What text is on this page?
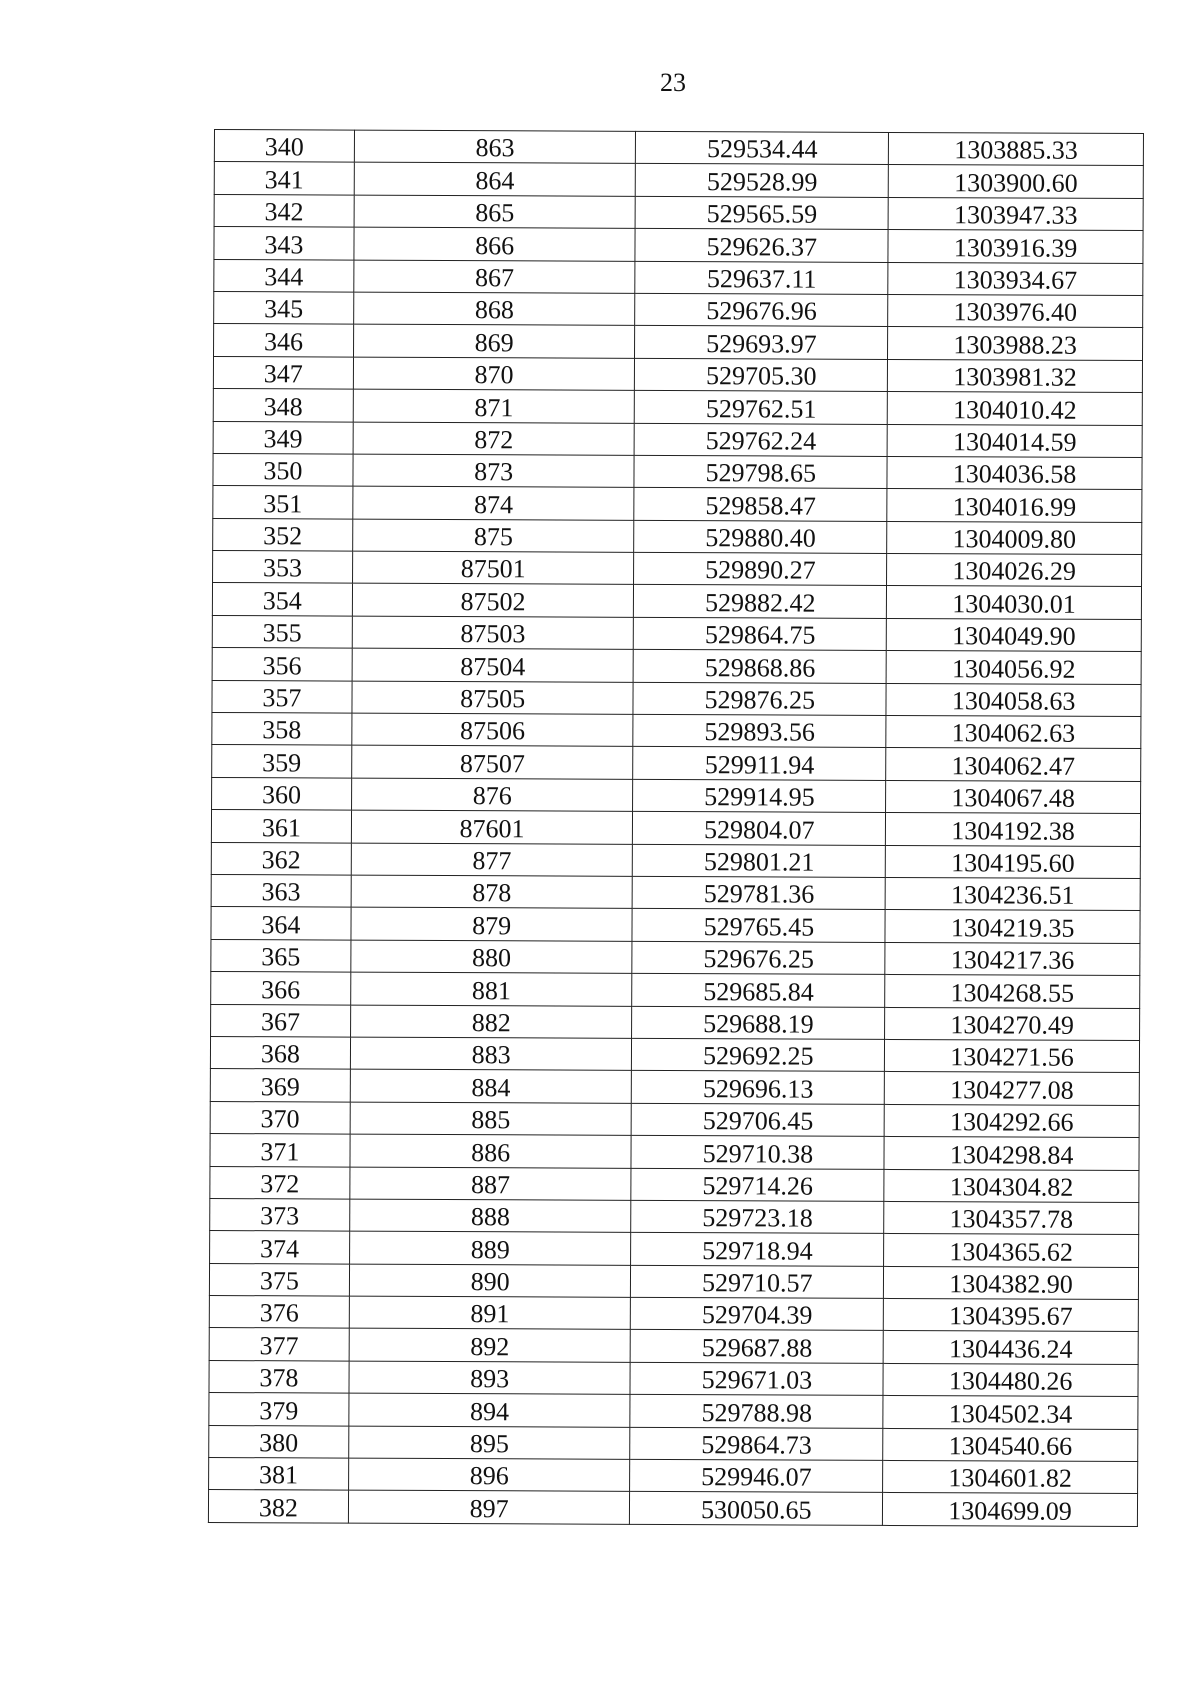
23
340	863	529534.44	1303885.33
341	864	529528.99	1303900.60
342	865	529565.59	1303947.33
343	866	529626.37	1303916.39
344	867	529637.11	1303934.67
345	868	529676.96	1303976.40
346	869	529693.97	1303988.23
347	870	529705.30	1303981.32
348	871	529762.51	1304010.42
349	872	529762.24	1304014.59
350	873	529798.65	1304036.58
351	874	529858.47	1304016.99
352	875	529880.40	1304009.80
353	87501	529890.27	1304026.29
354	87502	529882.42	1304030.01
355	87503	529864.75	1304049.90
356	87504	529868.86	1304056.92
357	87505	529876.25	1304058.63
358	87506	529893.56	1304062.63
359	87507	529911.94	1304062.47
360	876	529914.95	1304067.48
361	87601	529804.07	1304192.38
362	877	529801.21	1304195.60
363	878	529781.36	1304236.51
364	879	529765.45	1304219.35
365	880	529676.25	1304217.36
366	881	529685.84	1304268.55
367	882	529688.19	1304270.49
368	883	529692.25	1304271.56
369	884	529696.13	1304277.08
370	885	529706.45	1304292.66
371	886	529710.38	1304298.84
372	887	529714.26	1304304.82
373	888	529723.18	1304357.78
374	889	529718.94	1304365.62
375	890	529710.57	1304382.90
376	891	529704.39	1304395.67
377	892	529687.88	1304436.24
378	893	529671.03	1304480.26
379	894	529788.98	1304502.34
380	895	529864.73	1304540.66
381	896	529946.07	1304601.82
382	897	530050.65	1304699.09
